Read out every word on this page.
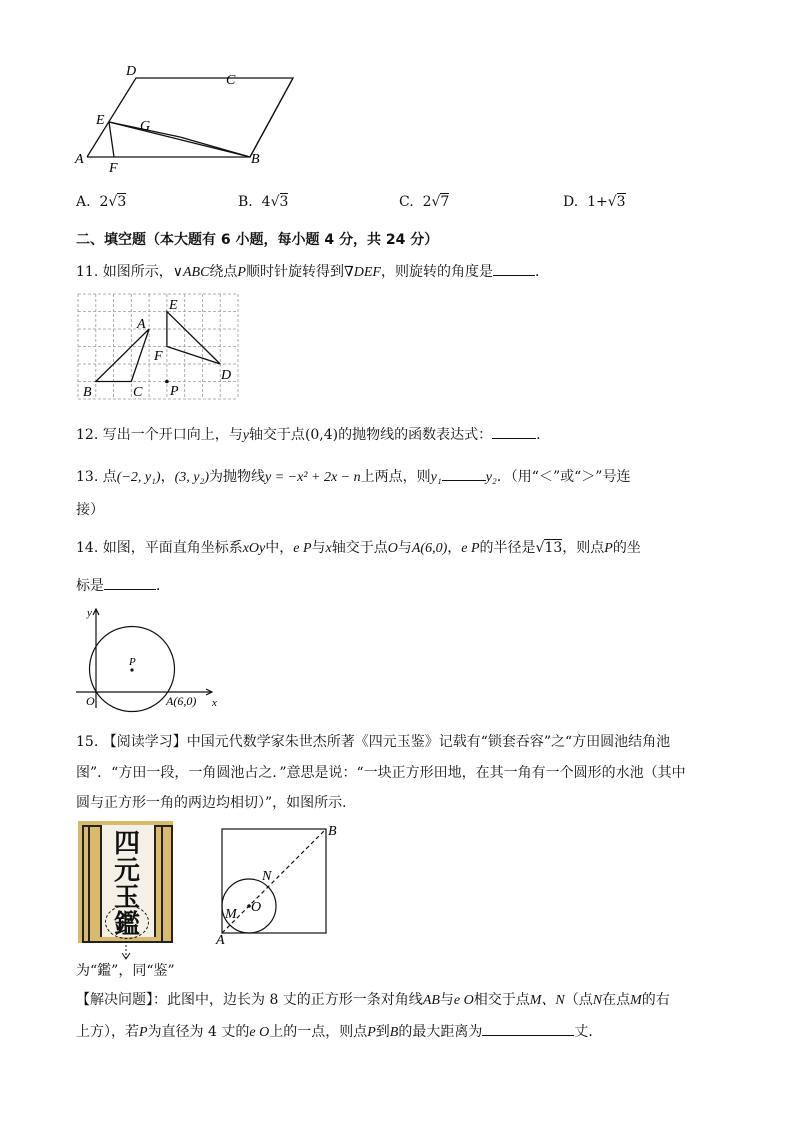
A	B
C
D
E
F
G
A. 2√3	B. 4√3	C. 2√7	D. 1+√3
二、填空题（本大题有 6 小题，每小题 4 分，共 24 分）
11. 如图所示，∨ABC绕点P顺时针旋转得到∇DEF，则旋转的角度是	．
B	C
A
E
F
D
P
12. 写出一个开口向上，与y轴交于点(0,4)的抛物线的函数表达式：	．
13. 点(−2, y₁)，(3, y₂)为抛物线y = −x² + 2x − n上两点，则y₁	y₂．（用“＜”或“＞”号连
接）
14. 如图，平面直角坐标系xOy中，e P与x轴交于点O与A(6,0)，e P的半径是√13，则点P的坐
标是	．
y
x
O
P
A(6,0)
15. 【阅读学习】中国元代数学家朱世杰所著《四元玉鉴》记载有“锁套吞容”之“方田圆池结角池
图”．“方田一段，一角圆池占之．”意思是说：“一块正方形田地，在其一角有一个圆形的水池（其中
圆与正方形一角的两边均相切）”，如图所示．
四
元
玉
鑑
为“鑑”，同“鉴”
B
A
N
M O
【解决问题】：此图中，边长为 8 丈的正方形一条对角线AB与e O相交于点M、N（点N在点M的右
上方），若P为直径为 4 丈的e O上的一点，则点P到B的最大距离为	丈．
